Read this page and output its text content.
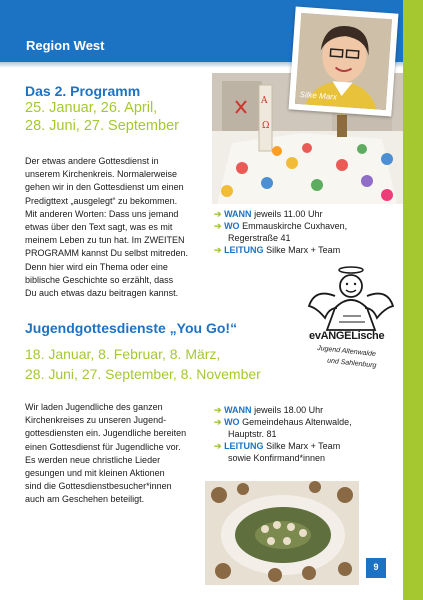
Region West
A
Ω
Silke Marx
Das 2. Programm
25. Januar, 26. April,
28. Juni, 27. September
Der etwas andere Gottesdienst in
unserem Kirchenkreis. Normalerweise
gehen wir in den Gottesdienst um einen
Predigttext „ausgelegt“ zu bekommen.
Mit anderen Worten: Dass uns jemand
etwas über den Text sagt, was es mit
meinem Leben zu tun hat. Im ZWEITEN
PROGRAMM kannst Du selbst mitreden.
Denn hier wird ein Thema oder eine
biblische Geschichte so erzählt, dass
Du auch etwas dazu beitragen kannst.
➔ WANN jeweils 11.00 Uhr
➔ WO Emmauskirche Cuxhaven,
Regerstraße 41
➔ LEITUNG Silke Marx + Team
evANGELische
Jugend Altenwalde
und Sahlenburg
Jugendgottesdienste „You Go!“
18. Januar, 8. Februar, 8. März,
28. Juni, 27. September, 8. November
Wir laden Jugendliche des ganzen
Kirchenkreises zu unseren Jugend-
gottesdiensten ein. Jugendliche bereiten
einen Gottesdienst für Jugendliche vor.
Es werden neue christliche Lieder
gesungen und mit kleinen Aktionen
sind die Gottesdienstbesucher*innen
auch am Geschehen beteiligt.
➔ WANN jeweils 18.00 Uhr
➔ WO Gemeindehaus Altenwalde,
Hauptstr. 81
➔ LEITUNG Silke Marx + Team
sowie Konfirmand*innen
9
